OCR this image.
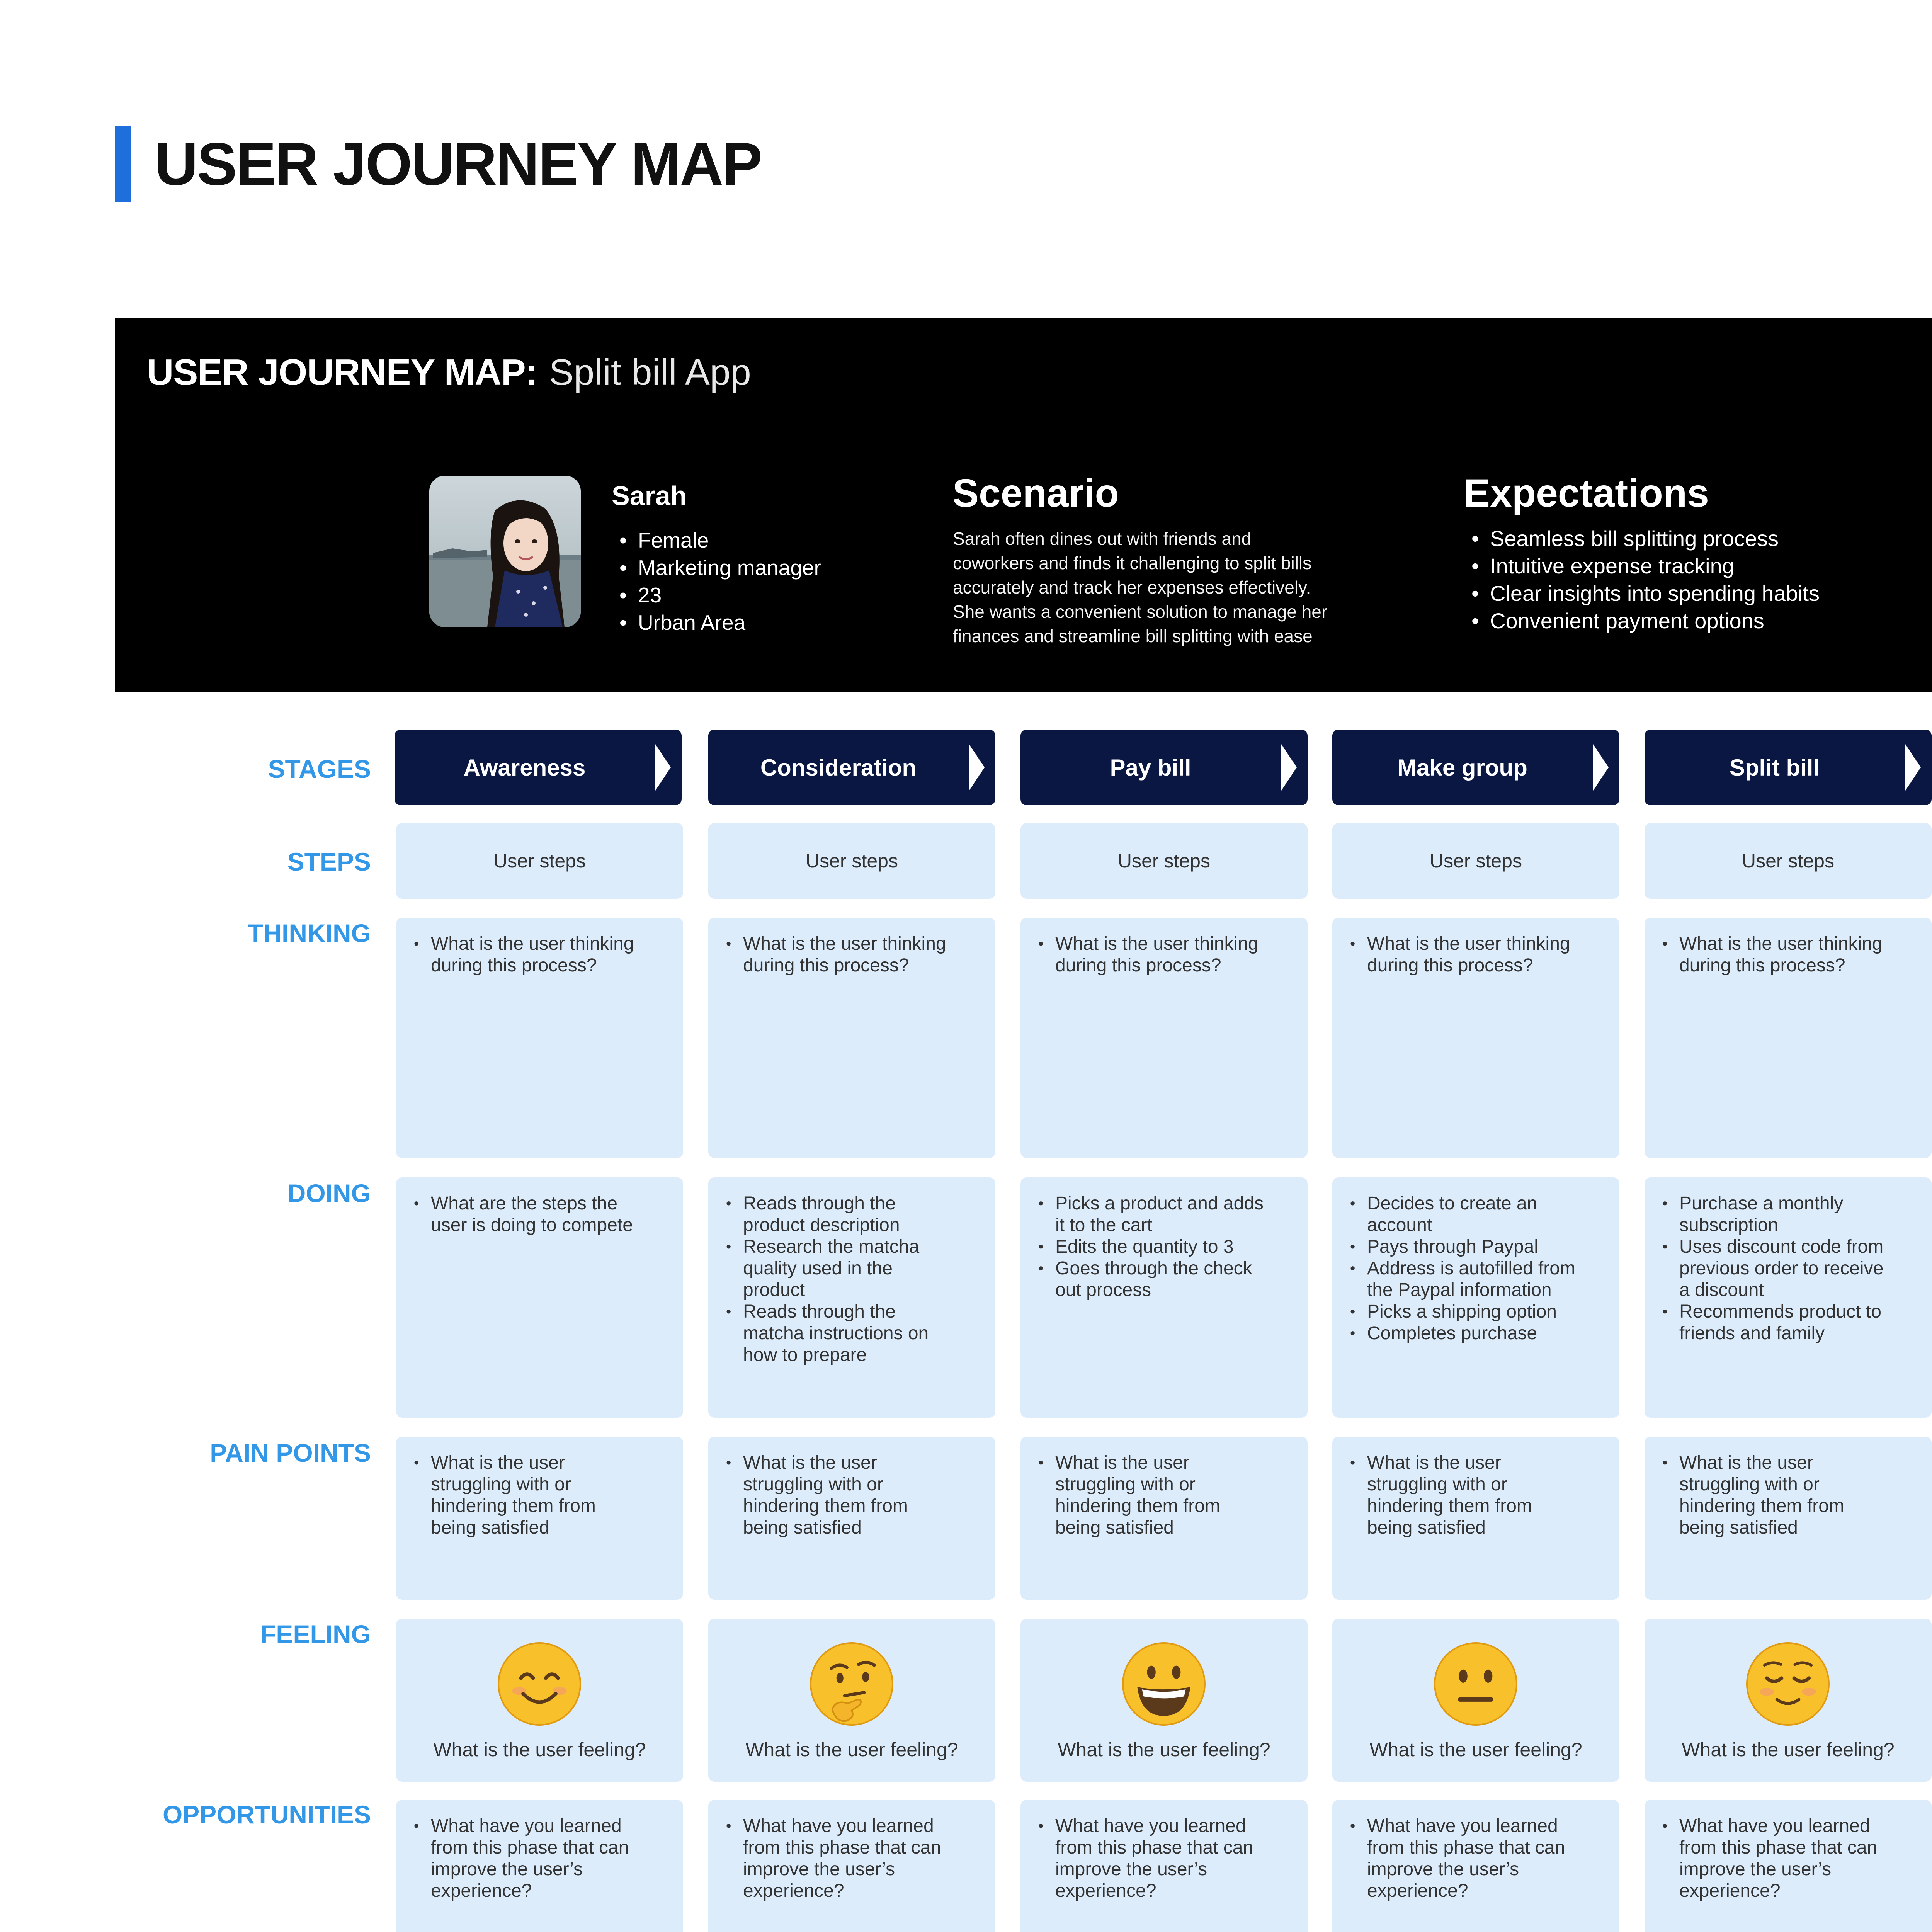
USER JOURNEY MAP
USER JOURNEY MAP: Split bill App
Sarah
• Female
• Marketing manager
• 23
• Urban Area
Scenario
Sarah often dines out with friends and
coworkers and finds it challenging to split bills
accurately and track her expenses effectively.
She wants a convenient solution to manage her
finances and streamline bill splitting with ease
Expectations
• Seamless bill splitting process
• Intuitive expense tracking
• Clear insights into spending habits
• Convenient payment options
STAGES
STEPS
THINKING
DOING
PAIN POINTS
FEELING
OPPORTUNITIES
Awareness
User steps
• What is the user thinking
during this process?
• What are the steps the
user is doing to compete
• What is the user
struggling with or
hindering them from
being satisfied
What is the user feeling?
• What have you learned
from this phase that can
improve the user’s
experience?
Consideration
User steps
• What is the user thinking
during this process?
• Reads through the
product description
• Research the matcha
quality used in the
product
• Reads through the
matcha instructions on
how to prepare
• What is the user
struggling with or
hindering them from
being satisfied
What is the user feeling?
• What have you learned
from this phase that can
improve the user’s
experience?
Pay bill
User steps
• What is the user thinking
during this process?
• Picks a product and adds
it to the cart
• Edits the quantity to 3
• Goes through the check
out process
• What is the user
struggling with or
hindering them from
being satisfied
What is the user feeling?
• What have you learned
from this phase that can
improve the user’s
experience?
Make group
User steps
• What is the user thinking
during this process?
• Decides to create an
account
• Pays through Paypal
• Address is autofilled from
the Paypal information
• Picks a shipping option
• Completes purchase
• What is the user
struggling with or
hindering them from
being satisfied
What is the user feeling?
• What have you learned
from this phase that can
improve the user’s
experience?
Split bill
User steps
• What is the user thinking
during this process?
• Purchase a monthly
subscription
• Uses discount code from
previous order to receive
a discount
• Recommends product to
friends and family
• What is the user
struggling with or
hindering them from
being satisfied
What is the user feeling?
• What have you learned
from this phase that can
improve the user’s
experience?
